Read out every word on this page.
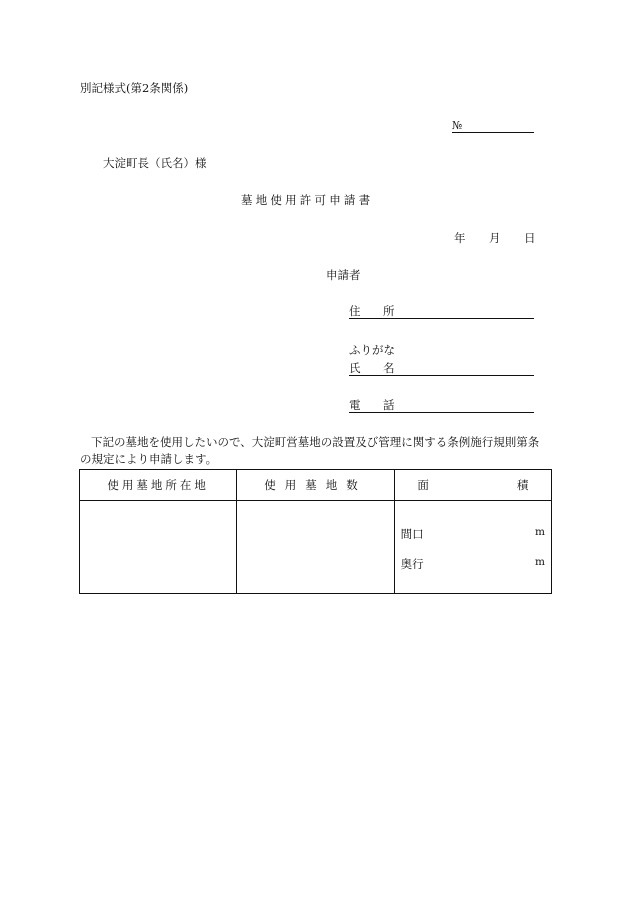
別記様式(第2条関係)
№
大淀町長（氏名）様
墓地使用許可申請書
年 月 日
申請者
住 所
ふりがな
氏 名
電 話
下記の墓地を使用したいので、大淀町営墓地の設置及び管理に関する条例施行規則第条の規定により申請します。
使用墓地所在地	使用墓地数	面 積

		間口 m
奥行 m
